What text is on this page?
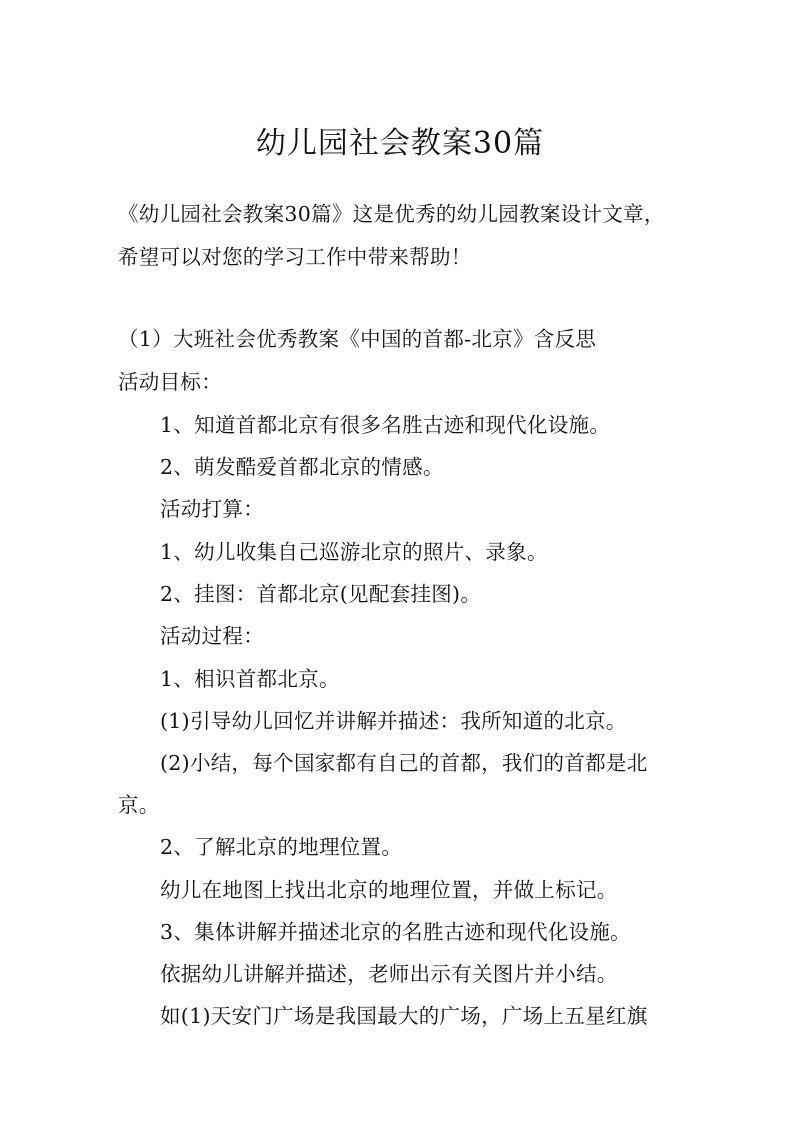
幼儿园社会教案30篇
《幼儿园社会教案30篇》这是优秀的幼儿园教案设计文章，
希望可以对您的学习工作中带来帮助！
（1）大班社会优秀教案《中国的首都-北京》含反思
活动目标：
1、知道首都北京有很多名胜古迹和现代化设施。
2、萌发酷爱首都北京的情感。
活动打算：
1、幼儿收集自己巡游北京的照片、录象。
2、挂图：首都北京(见配套挂图)。
活动过程：
1、相识首都北京。
(1)引导幼儿回忆并讲解并描述：我所知道的北京。
(2)小结，每个国家都有自己的首都，我们的首都是北
京。
2、了解北京的地理位置。
幼儿在地图上找出北京的地理位置，并做上标记。
3、集体讲解并描述北京的名胜古迹和现代化设施。
依据幼儿讲解并描述，老师出示有关图片并小结。
如(1)天安门广场是我国最大的广场，广场上五星红旗
